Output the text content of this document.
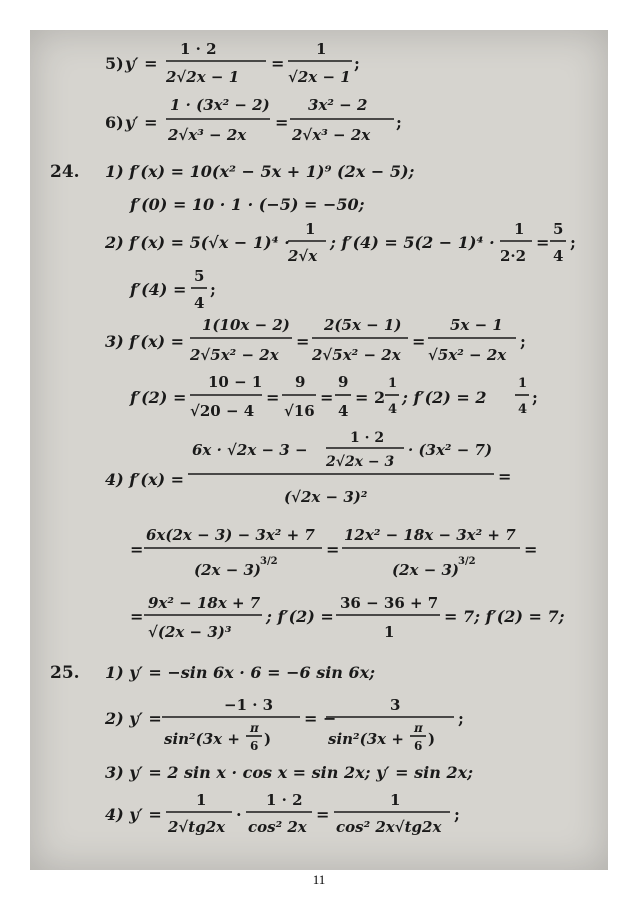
5) y′ =
1 · 2
2√2x − 1
=
1
√2x − 1
;
6) y′ =
1 · (3x² − 2)
2√x³ − 2x
=
3x² − 2
2√x³ − 2x
;
24. 1) f′(x) = 10(x² − 5x + 1)⁹ (2x − 5);
f′(0) = 10 · 1 · (−5) = −50;
2) f′(x) = 5(√x − 1)⁴ ·
1
2√x
; f′(4) = 5(2 − 1)⁴ ·
1
2·2
=
5
4
;
f′(4) =
5
4
;
3) f′(x) =
1(10x − 2)
2√5x² − 2x
=
2(5x − 1)
2√5x² − 2x
=
5x − 1
√5x² − 2x
;
f′(2) =
10 − 1
√20 − 4
=
9
√16
=
9
4
= 2
1
4
; f′(2) = 2
1
4
;
4) f′(x) =
6x · √2x − 3 −
1 · 2
2√2x − 3
· (3x² − 7)
(√2x − 3)²
=
=
6x(2x − 3) − 3x² + 7
(2x − 3)
3/2
=
12x² − 18x − 3x² + 7
(2x − 3)
3/2
=
=
9x² − 18x + 7
√(2x − 3)³
; f′(2) =
36 − 36 + 7
1
= 7; f′(2) = 7;
25. 1) y′ = −sin 6x · 6 = −6 sin 6x;
2) y′ =
−1 · 3
sin²(3x +
π
6 )
= −
3
sin²(3x +
π
6 )
;
3) y′ = 2 sin x · cos x = sin 2x; y′ = sin 2x;
4) y′ =
1
2√tg2x
·
1 · 2
cos² 2x
=
1
cos² 2x√tg2x
;
11
